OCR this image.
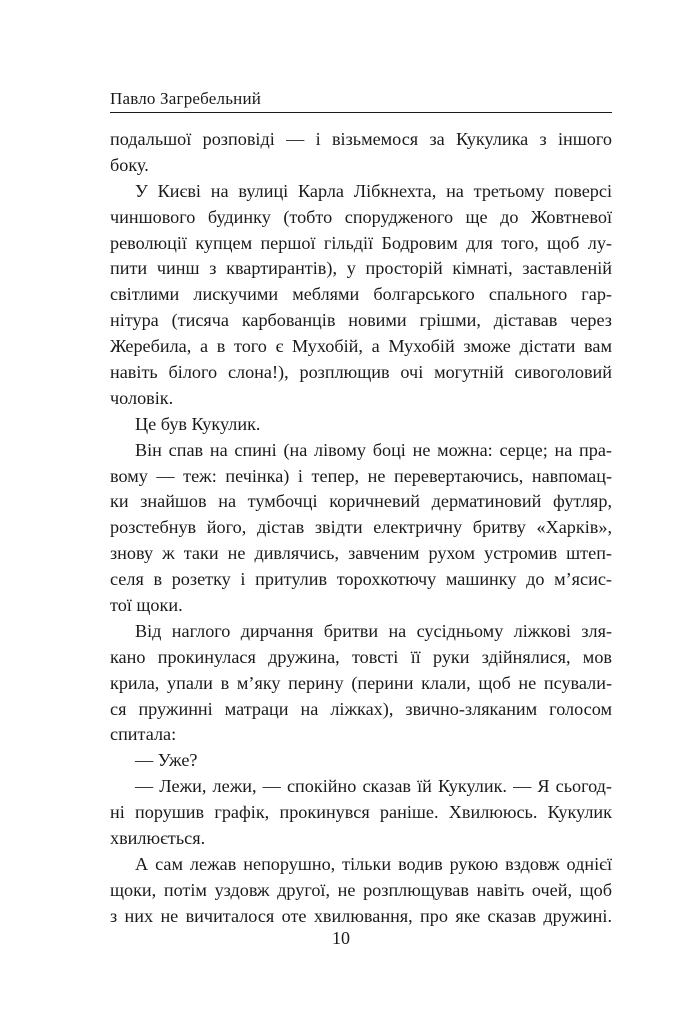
Павло Загребельний
подальшої розповіді — і візьмемося за Кукулика з іншого
боку.
У Києві на вулиці Карла Лібкнехта, на третьому поверсі
чиншового будинку (тобто спорудженого ще до Жовтневої
революції купцем першої гільдії Бодровим для того, щоб лу-
пити чинш з квартирантів), у просторій кімнаті, заставленій
світлими лискучими меблями болгарського спального гар-
нітура (тисяча карбованців новими грішми, діставав через
Жеребила, а в того є Мухобій, а Мухобій зможе дістати вам
навіть білого слона!), розплющив очі могутній сивоголовий
чоловік.
Це був Кукулик.
Він спав на спині (на лівому боці не можна: серце; на пра-
вому — теж: печінка) і тепер, не перевертаючись, навпомац-
ки знайшов на тумбочці коричневий дерматиновий футляр,
розстебнув його, дістав звідти електричну бритву «Харків»,
знову ж таки не дивлячись, завченим рухом устромив штеп-
селя в розетку і притулив торохкотючу машинку до м’ясис-
тої щоки.
Від наглого дирчання бритви на сусідньому ліжкові зля-
кано прокинулася дружина, товсті її руки здійнялися, мов
крила, упали в м’яку перину (перини клали, щоб не псували-
ся пружинні матраци на ліжках), звично-зляканим голосом
спитала:
— Уже?
— Лежи, лежи, — спокійно сказав їй Кукулик. — Я сьогод-
ні порушив графік, прокинувся раніше. Хвилююсь. Кукулик
хвилюється.
А сам лежав непорушно, тільки водив рукою вздовж однієї
щоки, потім уздовж другої, не розплющував навіть очей, щоб
з них не вичиталося оте хвилювання, про яке сказав дружині.
10
